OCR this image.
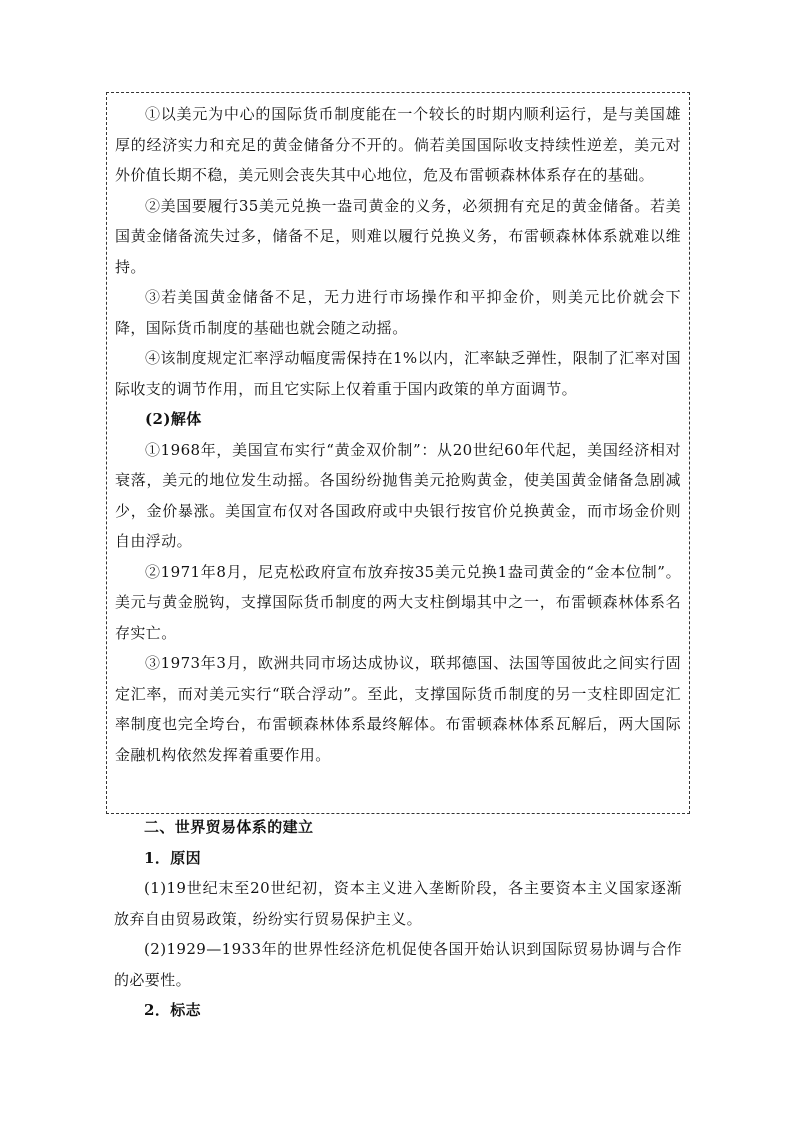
①以美元为中心的国际货币制度能在一个较长的时期内顺利运行，是与美国雄厚的经济实力和充足的黄金储备分不开的。倘若美国国际收支持续性逆差，美元对外价值长期不稳，美元则会丧失其中心地位，危及布雷顿森林体系存在的基础。

②美国要履行35美元兑换一盎司黄金的义务，必须拥有充足的黄金储备。若美国黄金储备流失过多，储备不足，则难以履行兑换义务，布雷顿森林体系就难以维持。

③若美国黄金储备不足，无力进行市场操作和平抑金价，则美元比价就会下降，国际货币制度的基础也就会随之动摇。

④该制度规定汇率浮动幅度需保持在1%以内，汇率缺乏弹性，限制了汇率对国际收支的调节作用，而且它实际上仅着重于国内政策的单方面调节。

(2)解体

①1968年，美国宣布实行“黄金双价制”：从20世纪60年代起，美国经济相对衰落，美元的地位发生动摇。各国纷纷抛售美元抢购黄金，使美国黄金储备急剧减少，金价暴涨。美国宣布仅对各国政府或中央银行按官价兑换黄金，而市场金价则自由浮动。

②1971年8月，尼克松政府宣布放弃按35美元兑换1盎司黄金的“金本位制”。美元与黄金脱钩，支撑国际货币制度的两大支柱倒塌其中之一，布雷顿森林体系名存实亡。

③1973年3月，欧洲共同市场达成协议，联邦德国、法国等国彼此之间实行固定汇率，而对美元实行“联合浮动”。至此，支撑国际货币制度的另一支柱即固定汇率制度也完全垮台，布雷顿森林体系最终解体。布雷顿森林体系瓦解后，两大国际金融机构依然发挥着重要作用。

二、世界贸易体系的建立

1．原因

(1)19世纪末至20世纪初，资本主义进入垄断阶段，各主要资本主义国家逐渐放弃自由贸易政策，纷纷实行贸易保护主义。

(2)1929—1933年的世界性经济危机促使各国开始认识到国际贸易协调与合作的必要性。

2．标志
